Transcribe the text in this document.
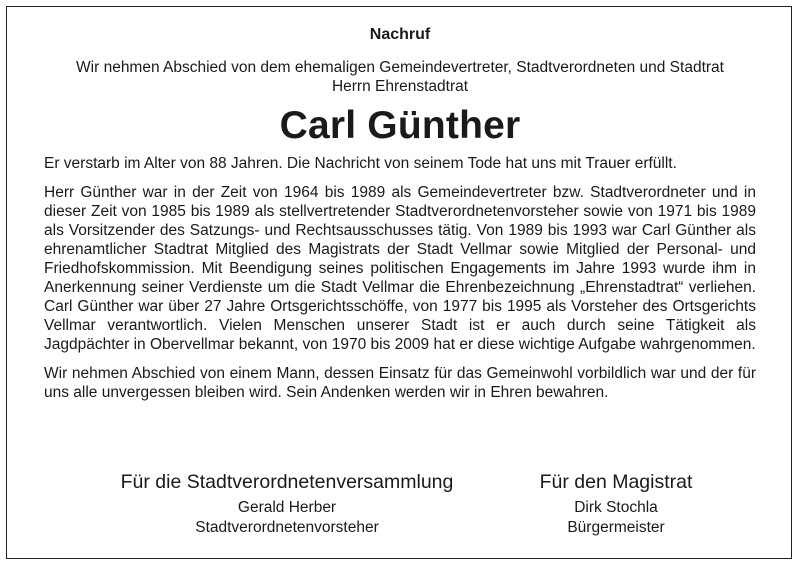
Nachruf
Wir nehmen Abschied von dem ehemaligen Gemeindevertreter, Stadtverordneten und Stadtrat
Herrn Ehrenstadtrat
Carl Günther

Er verstarb im Alter von 88 Jahren. Die Nachricht von seinem Tode hat uns mit Trauer erfüllt.

Herr Günther war in der Zeit von 1964 bis 1989 als Gemeindevertreter bzw. Stadtverordneter und in dieser Zeit von 1985 bis 1989 als stellvertretender Stadtverordnetenvorsteher sowie von 1971 bis 1989 als Vorsitzender des Satzungs- und Rechtsausschusses tätig. Von 1989 bis 1993 war Carl Günther als ehrenamtlicher Stadtrat Mitglied des Magistrats der Stadt Vellmar sowie Mitglied der Personal- und Friedhofskommission. Mit Beendigung seines politischen Engagements im Jahre 1993 wurde ihm in Anerkennung seiner Verdienste um die Stadt Vellmar die Ehrenbezeichnung „Ehrenstadtrat“ verliehen. Carl Günther war über 27 Jahre Ortsgerichtsschöffe, von 1977 bis 1995 als Vorsteher des Ortsgerichts Vellmar verantwortlich. Vielen Menschen unserer Stadt ist er auch durch seine Tätigkeit als Jagdpächter in Obervellmar bekannt, von 1970 bis 2009 hat er diese wichtige Aufgabe wahrgenommen.

Wir nehmen Abschied von einem Mann, dessen Einsatz für das Gemeinwohl vorbildlich war und der für uns alle unvergessen bleiben wird. Sein Andenken werden wir in Ehren bewahren.

Für die Stadtverordnetenversammlung
Gerald Herber
Stadtverordnetenvorsteher
Für den Magistrat
Dirk Stochla
Bürgermeister
